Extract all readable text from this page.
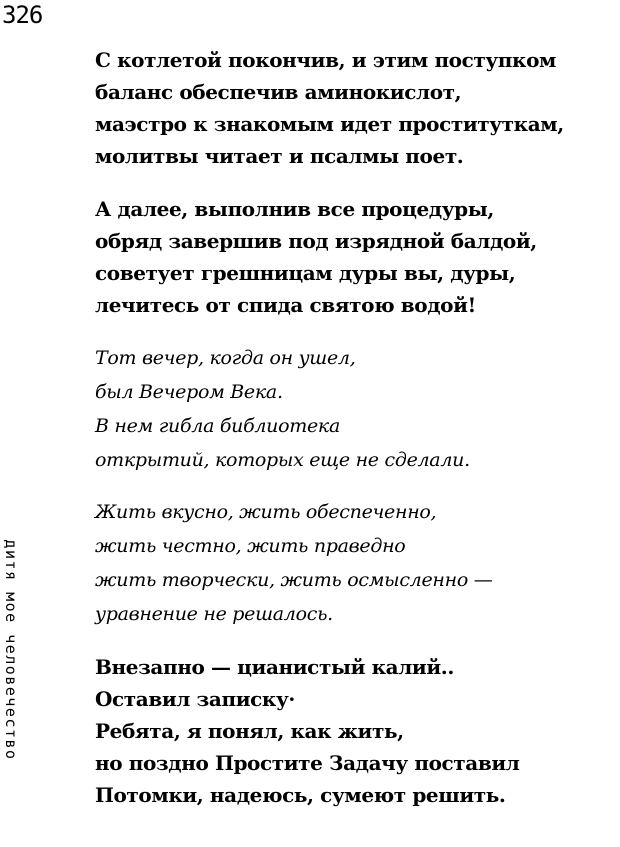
326
дитя мое человечество
С котлетой покончив, и этим поступком
баланс обеспечив аминокислот,
маэстро к знакомым идет проституткам,
молитвы читает и псалмы поет.
А далее, выполнив все процедуры,
обряд завершив под изрядной балдой,
советует грешницам дуры вы, дуры,
лечитесь от спида святою водой!
Тот вечер, когда он ушел,
был Вечером Века.
В нем гибла библиотека
открытий, которых еще не сделали.
Жить вкусно, жить обеспеченно,
жить честно, жить праведно
жить творчески, жить осмысленно —
уравнение не решалось.
Внезапно — цианистый калий..
Оставил записку·
Ребята, я понял, как жить,
но поздно Простите Задачу поставил
Потомки, надеюсь, сумеют решить.
